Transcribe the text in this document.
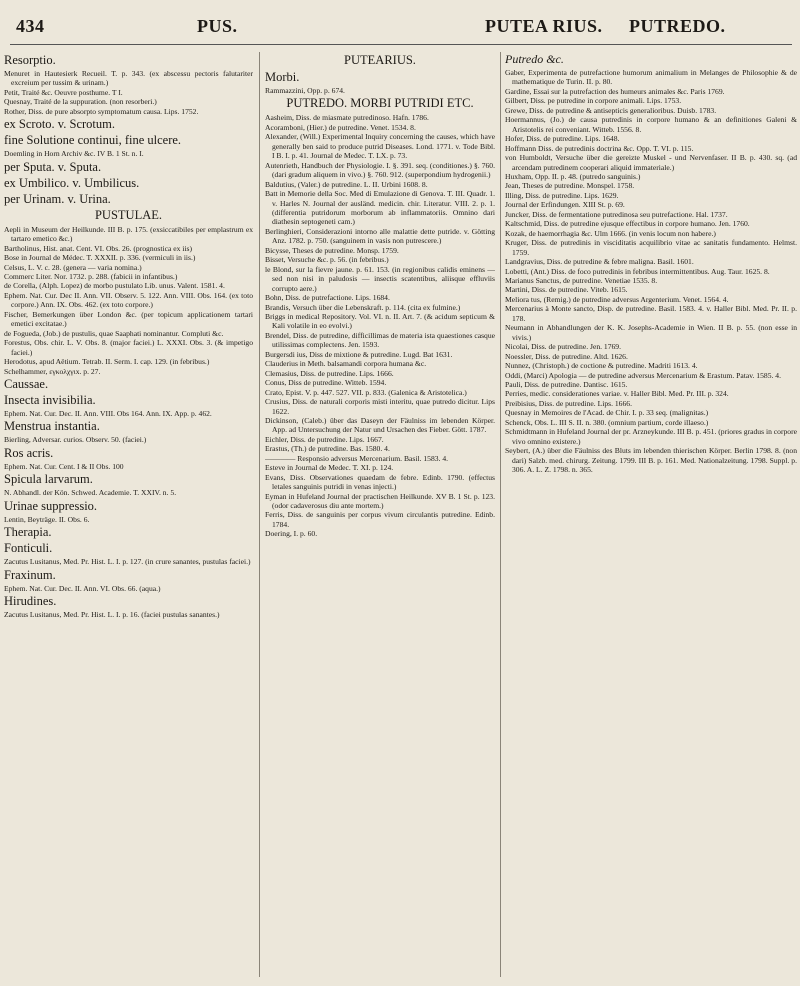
434	PUS.	PUTEA RIUS. PUTREDO.

Resorptio.

Menuret in Hautesierk Recueil. T. p. 343. (ex abscessu pectoris falutariter excreium per tussim & urinam.)

Petit, Traité &c. Oeuvre posthume. T I.

Quesnay, Traité de la suppuration. (non resorberi.)

Rother, Diss. de pure absorpto symptomatum causa. Lips. 1752.

ex Scroto. v. Scrotum.

fine Solutione continui, fine ulcere.

Doemling in Horn Archiv &c. IV B. 1 St. n. I.

per Sputa. v. Sputa.

ex Umbilico. v. Umbilicus.

per Urinam. v. Urina.

PUSTULAE.

Aepli in Museum der Heilkunde. III B. p. 175. (exsiccatibiles per emplastrum ex tartaro emetico &c.)

Bartholinus, Hist. anat. Cent. VI. Obs. 26. (prognostica ex iis)

Bose in Journal de Médec. T. XXXII. p. 336. (vermiculi in iis.)

Celsus, L. V. c. 28. (genera — varia nomina.)

Commerc Liter. Nor. 1732. p. 288. (fabicii in infantibus.)

de Corella, (Alph. Lopez) de morbo pustulato Lib. unus. Valent. 1581. 4.

Ephem. Nat. Cur. Dec II. Ann. VII. Observ. 5. 122. Ann. VIII. Obs. 164. (ex toto corpore.) Ann. IX. Obs. 462. (ex toto corpore.)

Fischer, Bemerkungen über London &c. (per topicum applicationem tartari emetici excitatae.)

de Fogueda, (Job.) de pustulis, quae Saaphati nominantur. Compluti &c.

Forestus, Obs. chir. L. V. Obs. 8. (major faciei.) L. XXXI. Obs. 3. (& impetigo faciei.)

Herodotus, apud Aëtium. Tetrab. II. Serm. I. cap. 129. (in febribus.)

Schelhammer, εγκολχγιx. p. 27.

Caussae.

Insecta invisibilia.

Ephem. Nat. Cur. Dec. II. Ann. VIII. Obs 164. Ann. IX. App. p. 462.

Menstrua instantia.

Bierling, Adversar. curios. Observ. 50. (faciei.)

Ros acris.

Ephem. Nat. Cur. Cent. I & II Obs. 100

Spicula larvarum.

N. Abhandl. der Kön. Schwed. Academie. T. XXIV. n. 5.

Urinae suppressio.

Lentin, Beyträge. II. Obs. 6.

Therapia.

Fonticuli.

Zacutus Lusitanus, Med. Pr. Hist. L. I. p. 127. (in crure sanantes, pustulas faciei.)

Fraxinum.

Ephem. Nat. Cur. Dec. II. Ann. VI. Obs. 66. (aqua.)

Hirudines.

Zacutus Lusitanus, Med. Pr. Hist. L. I. p. 16. (faciei pustulas sanantes.)

PUTEARIUS.

Morbi.

Rammazzini, Opp. p. 674.

PUTREDO. MORBI PUTRIDI ETC.

Aasheim, Diss. de miasmate putredinoso. Hafn. 1786.

Acoramboni, (Hier.) de putredine. Venet. 1534. 8.

Alexander, (Will.) Experimental Inquiry concerning the causes, which have generally ben said to produce putrid Diseases. Lond. 1771. v. Tode Bibl. I B. I. p. 41. Journal de Medec. T. LX. p. 73.

Autenrieth, Handbuch der Physiologie. I. §. 391. seq. (conditiones.) §. 760. (dari gradum aliquem in vivo.) §. 760. 912. (superpondium hydrogenii.)

Baldutius, (Valer.) de putredine. L. II. Urbini 1608. 8.

Batt in Memorie della Soc. Med di Emulazione di Genova. T. III. Quadr. 1. v. Harles N. Journal der ausländ. medicin. chir. Literatur. VIII. 2. p. 1. (differentia putridorum morborum ab inflammatoriis. Omnino dari diathesin septogeneti cam.)

Berlinghieri, Considerazioni intorno alle malattie dette putride. v. Götting Anz. 1782. p. 750. (sanguinem in vasis non putrescere.)

Bicysse, Theses de putredine. Monsp. 1759.

Bisset, Versuche &c. p. 56. (in febribus.)

le Blond, sur la fievre jaune. p. 61. 153. (in regionibus calidis eminens — sed non nisi in paludosis — insectis scatentibus, aliisque effluviis corrupto aere.)

Bohn, Diss. de putrefactione. Lips. 1684.

Brandis, Versuch über die Lebenskraft. p. 114. (cita ex fulmine.)

Briggs in medical Repository. Vol. VI. n. II. Art. 7. (& acidum septicum & Kali volatile in eo evolvi.)

Brendel, Diss. de putredine, difficillimas de materia ista quaestiones casque utilissimas complectens. Jen. 1593.

Burgersdi ius, Diss de mixtione & putredine. Lugd. Bat 1631.

Clauderius in Meth. balsamandi corpora humana &c.

Clemasius, Diss. de putredine. Lips. 1666.

Conus, Diss de putredine. Witteb. 1594.

Crato, Epist. V. p. 447. 527. VII. p. 833. (Galenica & Aristotelica.)

Crusius, Diss. de naturali corporis misti interitu, quae putredo dicitur. Lips 1622.

Dickinson, (Caleb.) über das Daseyn der Fäulniss im lebenden Körper. App. ad Untersuchung der Natur und Ursachen des Fieber. Gött. 1787.

Eichler, Diss. de putredine. Lips. 1667.

Erastus, (Th.) de putredine. Bas. 1580. 4.

———— Responsio adversus Mercenarium. Basil. 1583. 4.

Esteve in Journal de Medec. T. XI. p. 124.

Evans, Diss. Observationes quaedam de febre. Edinb. 1790. (effectus letales sanguinis putridi in venas injecti.)

Eyman in Hufeland Journal der practischen Heilkunde. XV B. 1 St. p. 123. (odor cadaverosus diu ante mortem.)

Ferris, Diss. de sanguinis per corpus vivum circulantis putredine. Edinb. 1784.

Doering, I. p. 60.

Putredo &c.

Gaber, Experimenta de putrefactione humorum animalium in Melanges de Philosophie & de mathematique de Turin. II. p. 80.

Gardine, Essai sur la putrefaction des humeurs animales &c. Paris 1769.

Gilbert, Diss. pe putredine in corpore animali. Lips. 1753.

Grewe, Diss. de putredine & antisepticis generalioribus. Duisb. 1783.

Hoermannus, (Jo.) de causa putredinis in corpore humano & an definitiones Galeni & Aristotelis rei conveniant. Witteb. 1556. 8.

Hofer, Diss. de putredine. Lips. 1648.

Hoffmann Diss. de putredinis doctrina &c. Opp. T. VI. p. 115.

von Humboldt, Versuche über die gereizte Muskel - und Nervenfaser. II B. p. 430. sq. (ad arcendam putredinem cooperari aliquid immateriale.)

Huxham, Opp. II. p. 48. (putredo sanguinis.)

Jean, Theses de putredine. Monspel. 1758.

Illing, Diss. de putredine. Lips. 1629.

Journal der Erfindungen. XIII St. p. 69.

Juncker, Diss. de fermentatione putredinosa seu putrefactione. Hal. 1737.

Kaltschmid, Diss. de putredine ejusque effectibus in corpore humano. Jen. 1760.

Kozak, de haemorrhagia &c. Ulm 1666. (in venis locum non habere.)

Kruger, Diss. de putredinis in visciditatis acquilibrio vitae ac sanitatis fundamento. Helmst. 1759.

Landgravius, Diss. de putredine & febre maligna. Basil. 1601.

Lobetti, (Ant.) Diss. de foco putredinis in febribus intermittentibus. Aug. Taur. 1625. 8.

Marianus Sanctus, de putredine. Venetiae 1535. 8.

Martini, Diss. de putredine. Viteb. 1615.

Meliora tus, (Remig.) de putredine adversus Argenterium. Venet. 1564. 4.

Mercenarius à Monte sancto, Disp. de putredine. Basil. 1583. 4. v. Haller Bibl. Med. Pr. II. p. 178.

Neumann in Abhandlungen der K. K. Josephs-Academie in Wien. II B. p. 55. (non esse in vivis.)

Nicolai, Diss. de putredine. Jen. 1769.

Noessler, Diss. de putredine. Altd. 1626.

Nunnez, (Christoph.) de coctione & putredine. Madriti 1613. 4.

Oddi, (Marci) Apologia — de putredine adversus Mercenarium & Erastum. Patav. 1585. 4.

Pauli, Diss. de putredine. Dantisc. 1615.

Perries, medic. considerationes variae. v. Haller Bibl. Med. Pr. III. p. 324.

Preibisius, Diss. de putredine. Lips. 1666.

Quesnay in Memoires de l'Acad. de Chir. I. p. 33 seq. (malignitas.)

Schenck, Obs. L. III S. II. n. 380. (omnium partium, corde illaeso.)

Schmidtmann in Hufeland Journal der pr. Arzneykunde. III B. p. 451. (priores gradus in corpore vivo omnino existere.)

Seybert, (A.) über die Fäulniss des Bluts im lebenden thierischen Körper. Berlin 1798. 8. (non dari) Salzb. med. chirurg. Zeitung. 1799. III B. p. 161. Med. Nationalzeitung. 1798. Suppl. p. 306. A. L. Z. 1798. n. 365.
